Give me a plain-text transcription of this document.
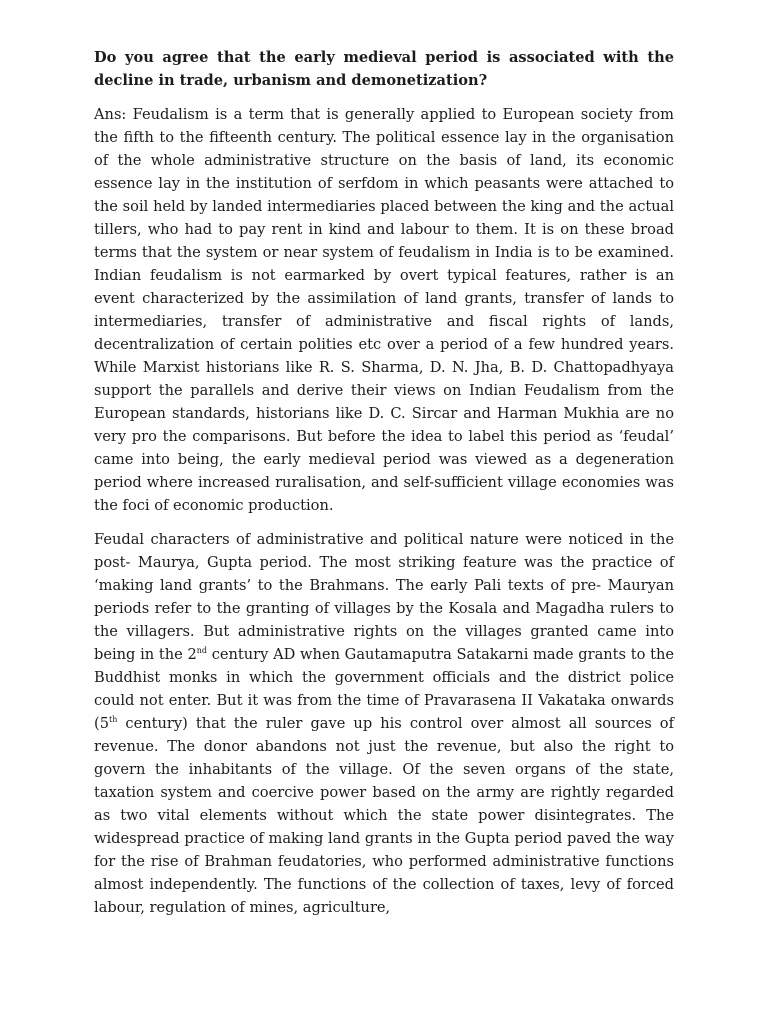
Do you agree that the early medieval period is associated with the decline in trade, urbanism and demonetization?

Ans: Feudalism is a term that is generally applied to European society from the fifth to the fifteenth century. The political essence lay in the organisation of the whole administrative structure on the basis of land, its economic essence lay in the institution of serfdom in which peasants were attached to the soil held by landed intermediaries placed between the king and the actual tillers, who had to pay rent in kind and labour to them. It is on these broad terms that the system or near system of feudalism in India is to be examined. Indian feudalism is not earmarked by overt typical features, rather is an event characterized by the assimilation of land grants, transfer of lands to intermediaries, transfer of administrative and fiscal rights of lands, decentralization of certain polities etc over a period of a few hundred years. While Marxist historians like R. S. Sharma, D. N. Jha, B. D. Chattopadhyaya support the parallels and derive their views on Indian Feudalism from the European standards, historians like D. C. Sircar and Harman Mukhia are no very pro the comparisons. But before the idea to label this period as ‘feudal’ came into being, the early medieval period was viewed as a degeneration period where increased ruralisation, and self-sufficient village economies was the foci of economic production.

Feudal characters of administrative and political nature were noticed in the post- Maurya, Gupta period. The most striking feature was the practice of ‘making land grants’ to the Brahmans. The early Pali texts of pre- Mauryan periods refer to the granting of villages by the Kosala and Magadha rulers to the villagers. But administrative rights on the villages granted came into being in the 2nd century AD when Gautamaputra Satakarni made grants to the Buddhist monks in which the government officials and the district police could not enter. But it was from the time of Pravarasena II Vakataka onwards (5th century) that the ruler gave up his control over almost all sources of revenue. The donor abandons not just the revenue, but also the right to govern the inhabitants of the village. Of the seven organs of the state, taxation system and coercive power based on the army are rightly regarded as two vital elements without which the state power disintegrates. The widespread practice of making land grants in the Gupta period paved the way for the rise of Brahman feudatories, who performed administrative functions almost independently. The functions of the collection of taxes, levy of forced labour, regulation of mines, agriculture,
